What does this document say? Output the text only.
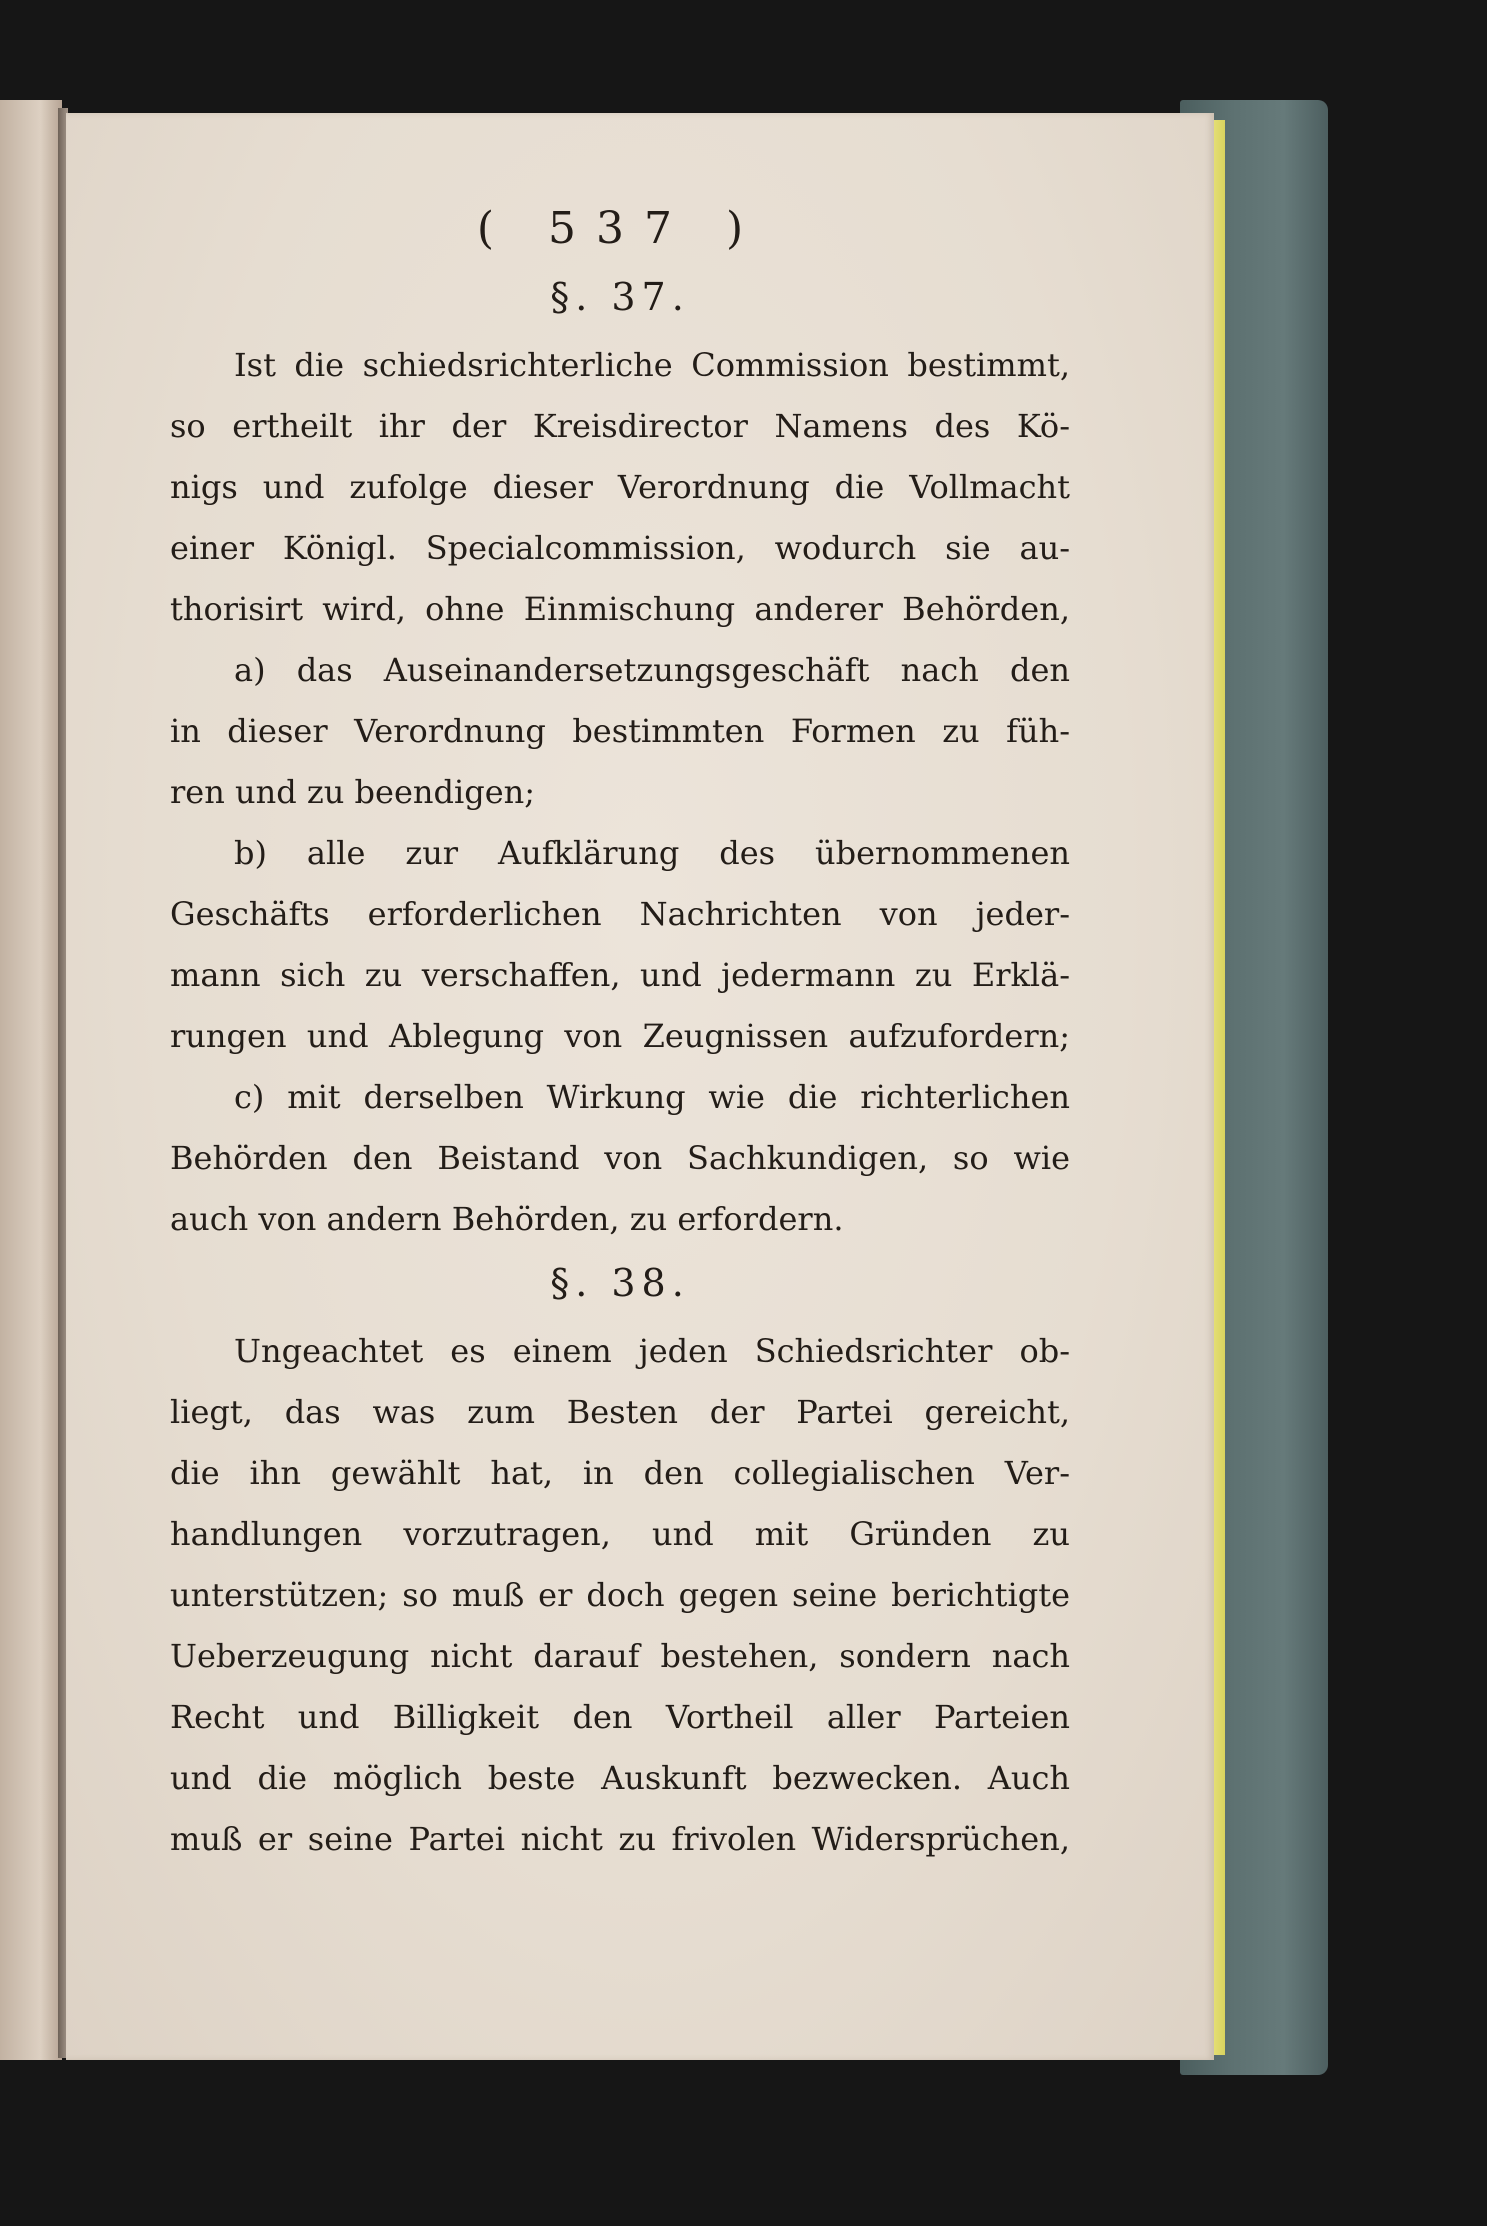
( 537 )
§. 37.
Ist die schiedsrichterliche Commission bestimmt,
so ertheilt ihr der Kreisdirector Namens des Kö-
nigs und zufolge dieser Verordnung die Vollmacht
einer Königl. Specialcommission, wodurch sie au-
thorisirt wird, ohne Einmischung anderer Behörden,
a) das Auseinandersetzungsgeschäft nach den
in dieser Verordnung bestimmten Formen zu füh-
ren und zu beendigen;
b) alle zur Aufklärung des übernommenen
Geschäfts erforderlichen Nachrichten von jeder-
mann sich zu verschaffen, und jedermann zu Erklä-
rungen und Ablegung von Zeugnissen aufzufordern;
c) mit derselben Wirkung wie die richterlichen
Behörden den Beistand von Sachkundigen, so wie
auch von andern Behörden, zu erfordern.
§. 38.
Ungeachtet es einem jeden Schiedsrichter ob-
liegt, das was zum Besten der Partei gereicht,
die ihn gewählt hat, in den collegialischen Ver-
handlungen vorzutragen, und mit Gründen zu
unterstützen; so muß er doch gegen seine berichtigte
Ueberzeugung nicht darauf bestehen, sondern nach
Recht und Billigkeit den Vortheil aller Parteien
und die möglich beste Auskunft bezwecken. Auch
muß er seine Partei nicht zu frivolen Widersprüchen,
